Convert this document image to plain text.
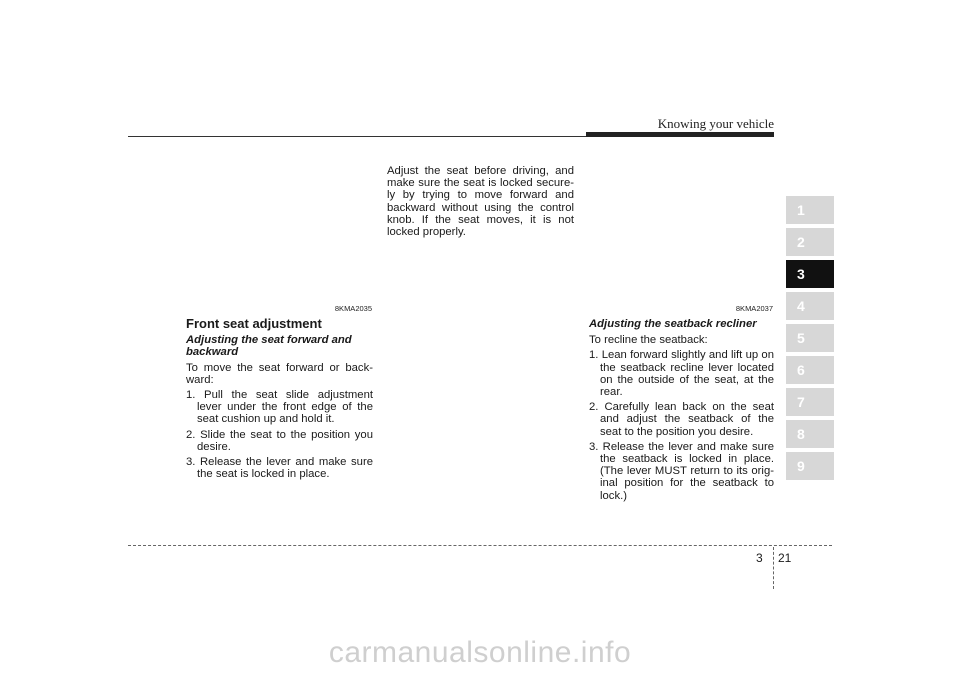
Knowing your vehicle
1
2
3
4
5
6
7
8
9
8KMA2035
Front seat adjustment
Adjusting the seat forward and backward
To move the seat forward or back-ward:
1. Pull the seat slide adjustment lever under the front edge of the seat cushion up and hold it.
2. Slide the seat to the position you desire.
3. Release the lever and make sure the seat is locked in place.
Adjust the seat before driving, and make sure the seat is locked secure-ly by trying to move forward and backward without using the control knob. If the seat moves, it is not locked properly.
8KMA2037
Adjusting the seatback recliner
To recline the seatback:
1. Lean forward slightly and lift up on the seatback recline lever located on the outside of the seat, at the rear.
2. Carefully lean back on the seat and adjust the seatback of the seat to the position you desire.
3. Release the lever and make sure the seatback is locked in place. (The lever MUST return to its orig-inal position for the seatback to lock.)
3 21
carmanualsonline.info
